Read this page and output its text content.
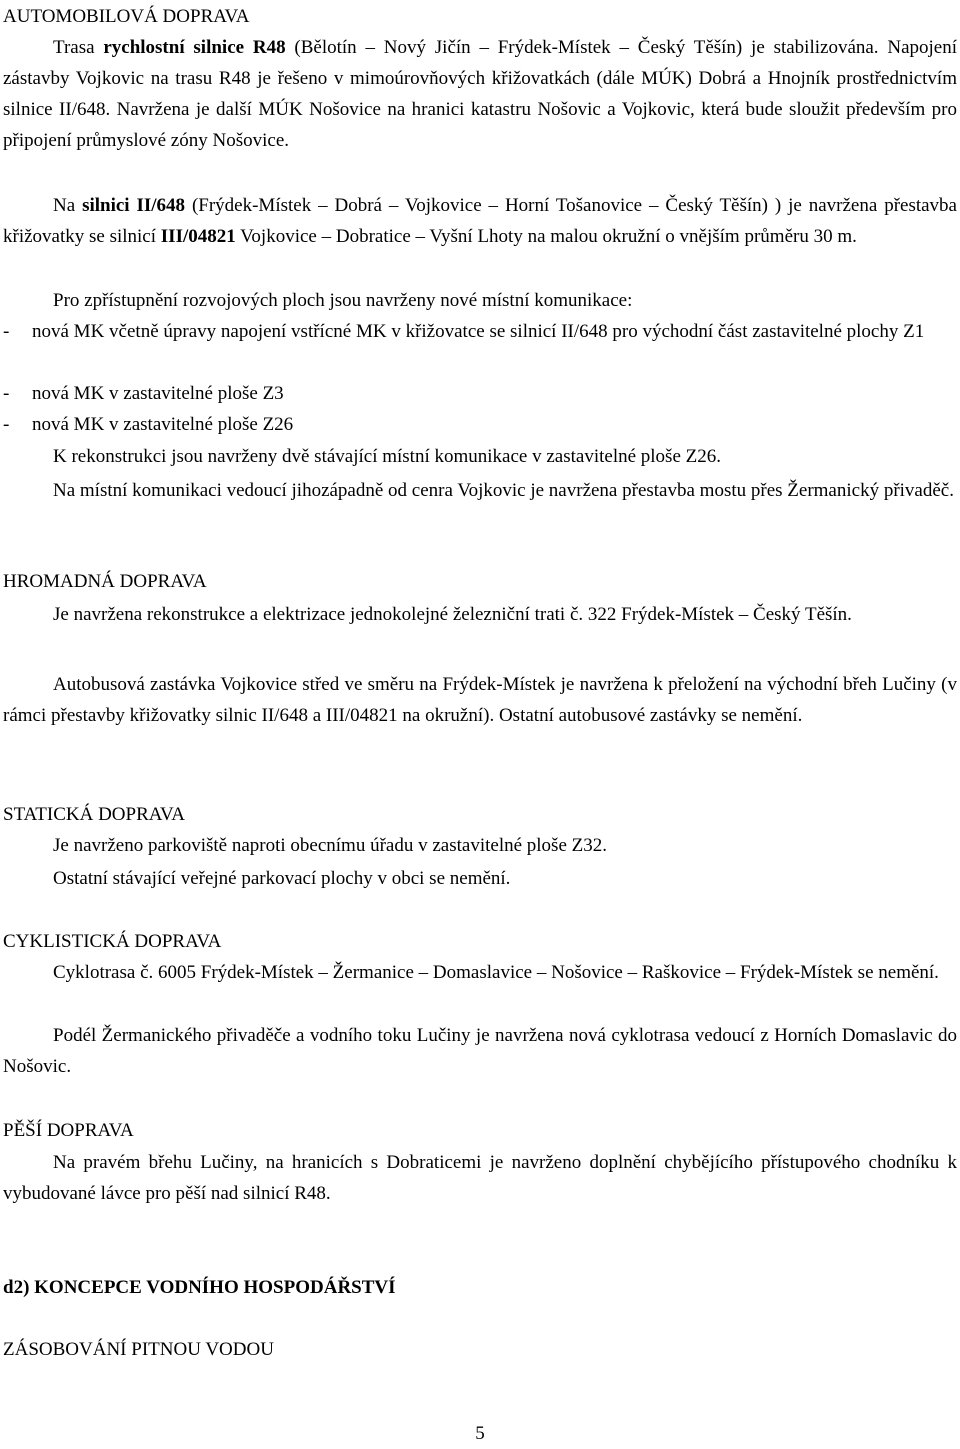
AUTOMOBILOVÁ DOPRAVA

Trasa rychlostní silnice R48 (Bělotín – Nový Jičín – Frýdek-Místek – Český Těšín) je stabilizována. Napojení zástavby Vojkovic na trasu R48 je řešeno v mimoúrovňových křižovatkách (dále MÚK) Dobrá a Hnojník prostřednictvím silnice II/648. Navržena je další MÚK Nošovice na hranici katastru Nošovic a Vojkovic, která bude sloužit především pro připojení průmyslové zóny Nošovice.

Na silnici II/648 (Frýdek-Místek – Dobrá – Vojkovice – Horní Tošanovice – Český Těšín) ) je navržena přestavba křižovatky se silnicí III/04821 Vojkovice – Dobratice – Vyšní Lhoty na malou okružní o vnějším průměru 30 m.

Pro zpřístupnění rozvojových ploch jsou navrženy nové místní komunikace:

- nová MK včetně úpravy napojení vstřícné MK v křižovatce se silnicí II/648 pro východní část zastavitelné plochy Z1
- nová MK v zastavitelné ploše Z3
- nová MK v zastavitelné ploše Z26

K rekonstrukci jsou navrženy dvě stávající místní komunikace v zastavitelné ploše Z26.

Na místní komunikaci vedoucí jihozápadně od cenra Vojkovic je navržena přestavba mostu přes Žermanický přivaděč.

HROMADNÁ DOPRAVA

Je navržena rekonstrukce a elektrizace jednokolejné železniční trati č. 322 Frýdek-Místek – Český Těšín.

Autobusová zastávka Vojkovice střed ve směru na Frýdek-Místek je navržena k přeložení na východní břeh Lučiny (v rámci přestavby křižovatky silnic II/648 a III/04821 na okružní). Ostatní autobusové zastávky se nemění.

STATICKÁ DOPRAVA

Je navrženo parkoviště naproti obecnímu úřadu v zastavitelné ploše Z32.

Ostatní stávající veřejné parkovací plochy v obci se nemění.

CYKLISTICKÁ DOPRAVA

Cyklotrasa č. 6005 Frýdek-Místek – Žermanice – Domaslavice – Nošovice – Raškovice – Frýdek-Místek se nemění.

Podél Žermanického přivaděče a vodního toku Lučiny je navržena nová cyklotrasa vedoucí z Horních Domaslavic do Nošovic.

PĚŠÍ DOPRAVA

Na pravém břehu Lučiny, na hranicích s Dobraticemi je navrženo doplnění chybějícího přístupového chodníku k vybudované lávce pro pěší nad silnicí R48.

d2) KONCEPCE VODNÍHO HOSPODÁŘSTVÍ
ZÁSOBOVÁNÍ PITNOU VODOU
5
